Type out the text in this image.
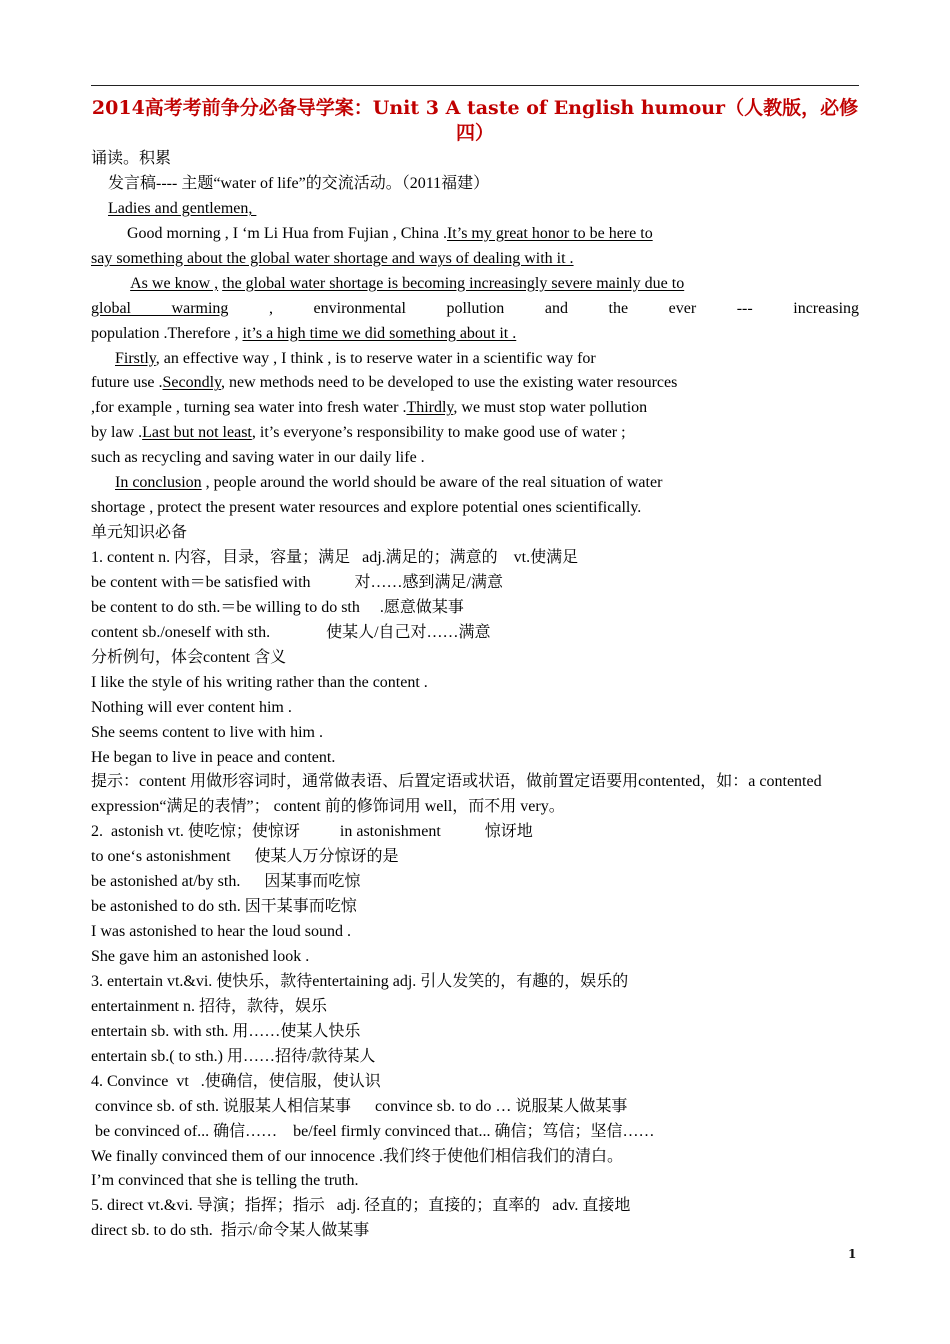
2014高考考前争分必备导学案：Unit 3 A taste of English humour（人教版，必修四）
诵读。积累
发言稿---- 主题“water of life”的交流活动。（2011福建）
Ladies and gentlemen,
Good morning , I ‘m Li Hua from Fujian , China .It’s my great honor to be here to
say something about the global water shortage and ways of dealing with it .
As we know , the global water shortage is becoming increasingly severe mainly due to
global warming	, environmental pollution and the ever --- increasing
population .Therefore , it’s a high time we did something about it .
Firstly, an effective way , I think , is to reserve water in a scientific way for
future use .Secondly, new methods need to be developed to use the existing water resources
,for example , turning sea water into fresh water .Thirdly, we must stop water pollution
by law .Last but not least, it’s everyone’s responsibility to make good use of water ;
such as recycling and saving water in our daily life .
In conclusion , people around the world should be aware of the real situation of water
shortage , protect the present water resources and explore potential ones scientifically.
单元知识必备
1. content n. 内容，目录，容量；满足   adj.满足的；满意的    vt.使满足
be content with＝be satisfied with           对……感到满足/满意
be content to do sth.＝be willing to do sth     .愿意做某事
content sb./oneself with sth.              使某人/自己对……满意
分析例句，体会content 含义
I like the style of his writing rather than the content .
Nothing will ever content him .
She seems content to live with him .
He began to live in peace and content.
提示：content 用做形容词时，通常做表语、后置定语或状语，做前置定语要用contented，如：a contented
expression“满足的表情”； content 前的修饰词用 well，而不用 very。
2.  astonish vt. 使吃惊；使惊讶          in astonishment           惊讶地
to one‘s astonishment      使某人万分惊讶的是
be astonished at/by sth.      因某事而吃惊
be astonished to do sth. 因干某事而吃惊
I was astonished to hear the loud sound .
She gave him an astonished look .
3. entertain vt.&vi. 使快乐，款待entertaining adj. 引人发笑的，有趣的，娱乐的
entertainment n. 招待，款待，娱乐
entertain sb. with sth. 用……使某人快乐
entertain sb.( to sth.) 用……招待/款待某人
4. Convince  vt   .使确信，使信服，使认识
convince sb. of sth. 说服某人相信某事      convince sb. to do … 说服某人做某事
be convinced of... 确信……    be/feel firmly convinced that... 确信；笃信；坚信……
We finally convinced them of our innocence .我们终于使他们相信我们的清白。
I’m convinced that she is telling the truth.
5. direct vt.&vi. 导演；指挥；指示   adj. 径直的；直接的；直率的   adv. 直接地
direct sb. to do sth.  指示/命令某人做某事
1
